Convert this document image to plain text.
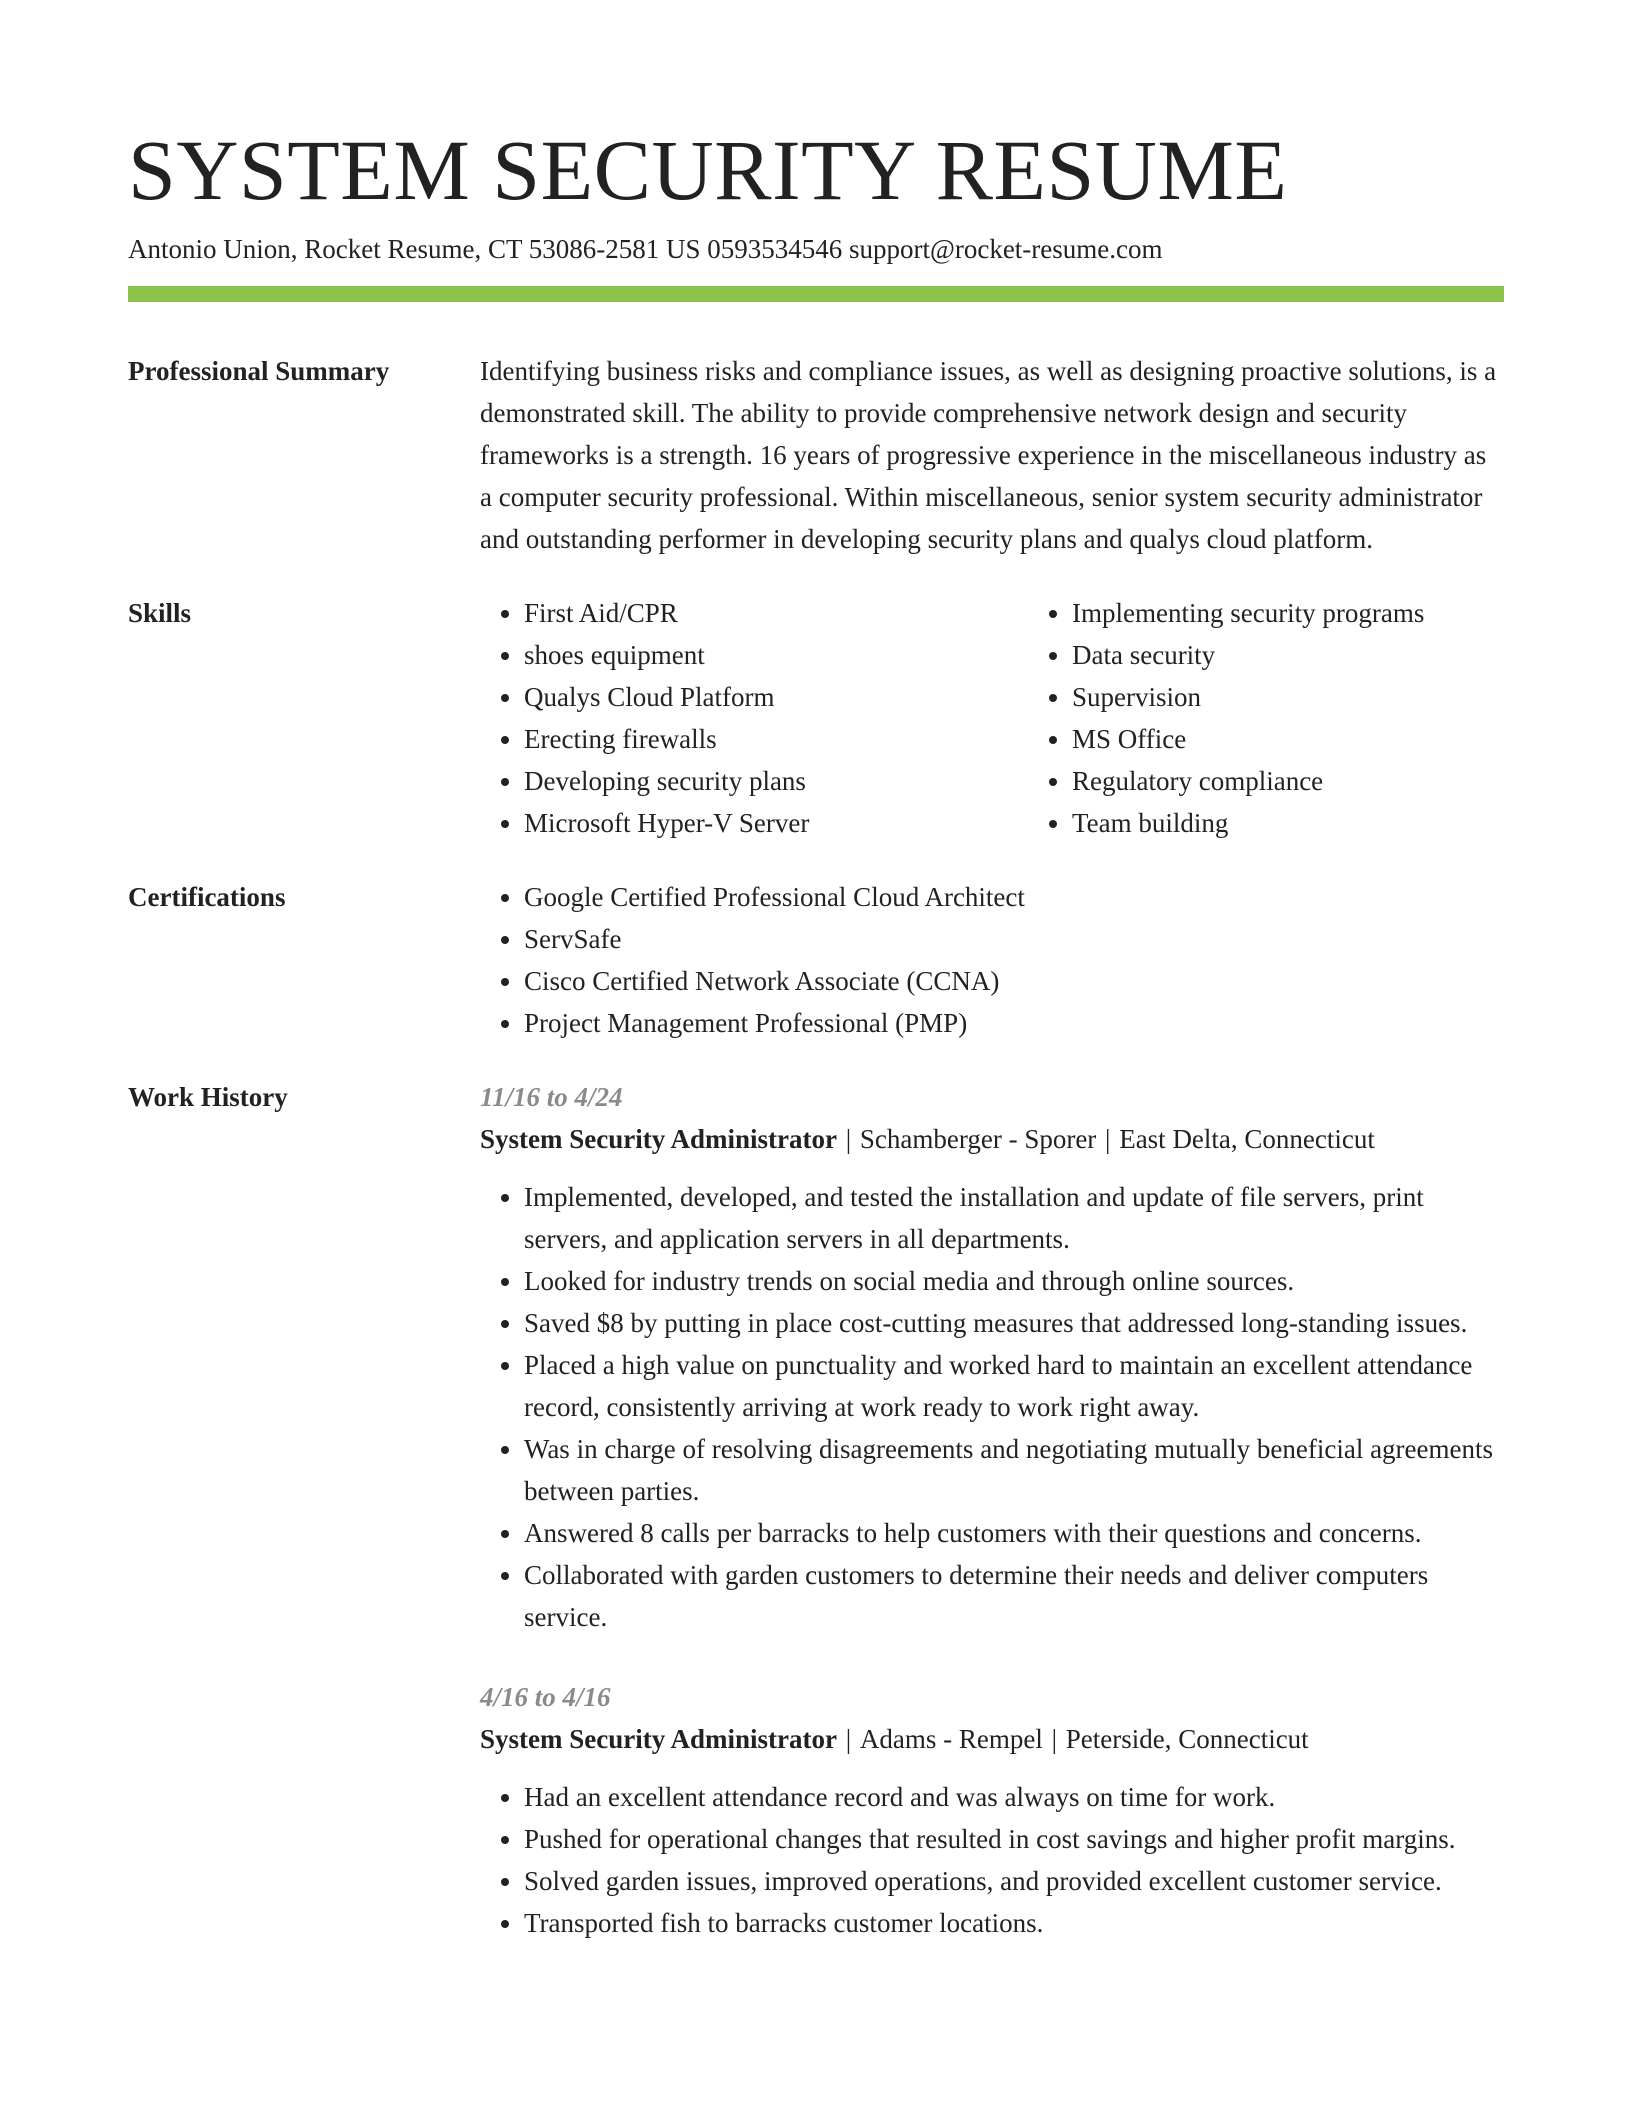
SYSTEM SECURITY RESUME
Antonio Union, Rocket Resume, CT 53086-2581 US 0593534546 support@rocket-resume.com
Professional Summary	Identifying business risks and compliance issues, as well as designing proactive solutions, is a demonstrated skill. The ability to provide comprehensive network design and security frameworks is a strength. 16 years of progressive experience in the miscellaneous industry as a computer security professional. Within miscellaneous, senior system security administrator and outstanding performer in developing security plans and qualys cloud platform.

Skills	• First Aid/CPR
• shoes equipment
• Qualys Cloud Platform
• Erecting firewalls
• Developing security plans
• Microsoft Hyper-V Server
• Implementing security programs
• Data security
• Supervision
• MS Office
• Regulatory compliance
• Team building
Certifications	• Google Certified Professional Cloud Architect
• ServSafe
• Cisco Certified Network Associate (CCNA)
• Project Management Professional (PMP)
Work History	11/16 to 4/24
System Security Administrator | Schamberger - Sporer | East Delta, Connecticut
• Implemented, developed, and tested the installation and update of file servers, print servers, and application servers in all departments.
• Looked for industry trends on social media and through online sources.
• Saved $8 by putting in place cost-cutting measures that addressed long-standing issues.
• Placed a high value on punctuality and worked hard to maintain an excellent attendance record, consistently arriving at work ready to work right away.
• Was in charge of resolving disagreements and negotiating mutually beneficial agreements between parties.
• Answered 8 calls per barracks to help customers with their questions and concerns.
• Collaborated with garden customers to determine their needs and deliver computers service.
4/16 to 4/16
System Security Administrator | Adams - Rempel | Peterside, Connecticut
• Had an excellent attendance record and was always on time for work.
• Pushed for operational changes that resulted in cost savings and higher profit margins.
• Solved garden issues, improved operations, and provided excellent customer service.
• Transported fish to barracks customer locations.
